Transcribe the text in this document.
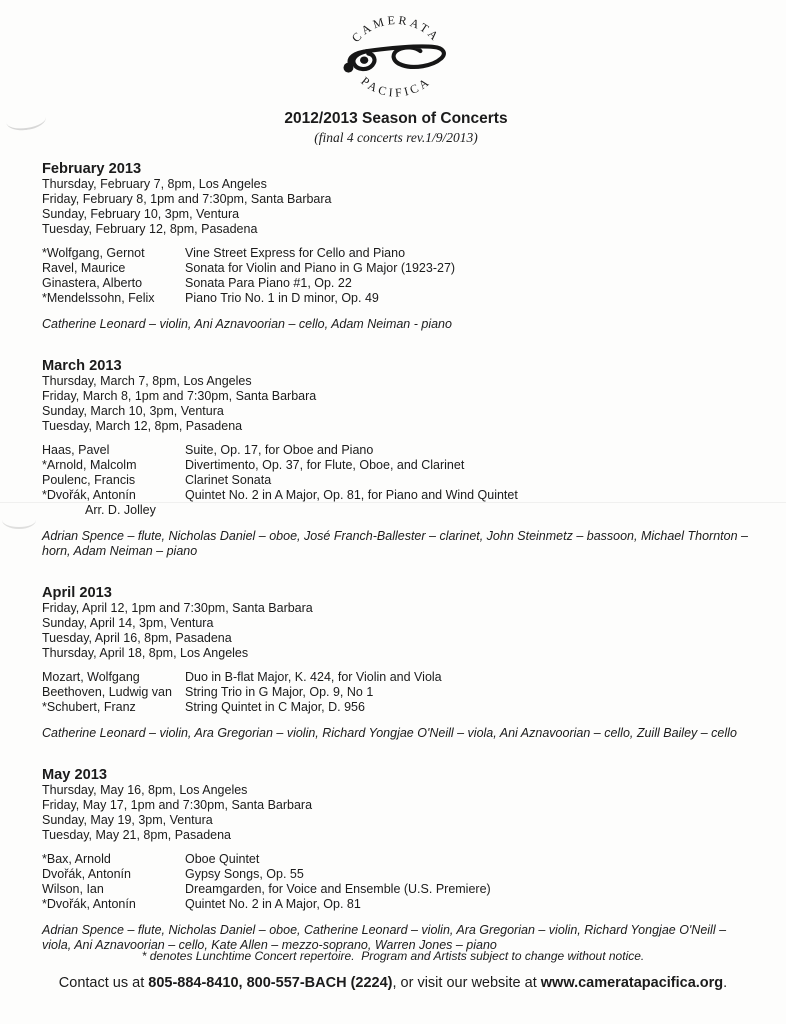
CAMERATA
PACIFICA
2012/2013 Season of Concerts
(final 4 concerts rev.1/9/2013)
February 2013
Thursday, February 7, 8pm, Los Angeles
Friday, February 8, 1pm and 7:30pm, Santa Barbara
Sunday, February 10, 3pm, Ventura
Tuesday, February 12, 8pm, Pasadena
*Wolfgang, Gernot	Vine Street Express for Cello and Piano
Ravel, Maurice	Sonata for Violin and Piano in G Major (1923-27)
Ginastera, Alberto	Sonata Para Piano #1, Op. 22
*Mendelssohn, Felix	Piano Trio No. 1 in D minor, Op. 49

Catherine Leonard – violin, Ani Aznavoorian – cello, Adam Neiman - piano

March 2013
Thursday, March 7, 8pm, Los Angeles
Friday, March 8, 1pm and 7:30pm, Santa Barbara
Sunday, March 10, 3pm, Ventura
Tuesday, March 12, 8pm, Pasadena
Haas, Pavel	Suite, Op. 17, for Oboe and Piano
*Arnold, Malcolm	Divertimento, Op. 37, for Flute, Oboe, and Clarinet
Poulenc, Francis	Clarinet Sonata
*Dvořák, Antonín	Quintet No. 2 in A Major, Op. 81, for Piano and Wind Quintet
Arr. D. Jolley

Adrian Spence – flute, Nicholas Daniel – oboe, José Franch-Ballester – clarinet, John Steinmetz – bassoon, Michael Thornton – horn, Adam Neiman – piano

April 2013
Friday, April 12, 1pm and 7:30pm, Santa Barbara
Sunday, April 14, 3pm, Ventura
Tuesday, April 16, 8pm, Pasadena
Thursday, April 18, 8pm, Los Angeles
Mozart, Wolfgang	Duo in B-flat Major, K. 424, for Violin and Viola
Beethoven, Ludwig van	String Trio in G Major, Op. 9, No 1
*Schubert, Franz	String Quintet in C Major, D. 956

Catherine Leonard – violin, Ara Gregorian – violin, Richard Yongjae O'Neill – viola, Ani Aznavoorian – cello, Zuill Bailey – cello

May 2013
Thursday, May 16, 8pm, Los Angeles
Friday, May 17, 1pm and 7:30pm, Santa Barbara
Sunday, May 19, 3pm, Ventura
Tuesday, May 21, 8pm, Pasadena
*Bax, Arnold	Oboe Quintet
Dvořák, Antonín	Gypsy Songs, Op. 55
Wilson, Ian	Dreamgarden, for Voice and Ensemble (U.S. Premiere)
*Dvořák, Antonín	Quintet No. 2 in A Major, Op. 81

Adrian Spence – flute, Nicholas Daniel – oboe, Catherine Leonard – violin, Ara Gregorian – violin, Richard Yongjae O'Neill – viola, Ani Aznavoorian – cello, Kate Allen – mezzo-soprano, Warren Jones – piano

* denotes Lunchtime Concert repertoire.  Program and Artists subject to change without notice.
Contact us at 805-884-8410, 800-557-BACH (2224), or visit our website at www.cameratapacifica.org.
